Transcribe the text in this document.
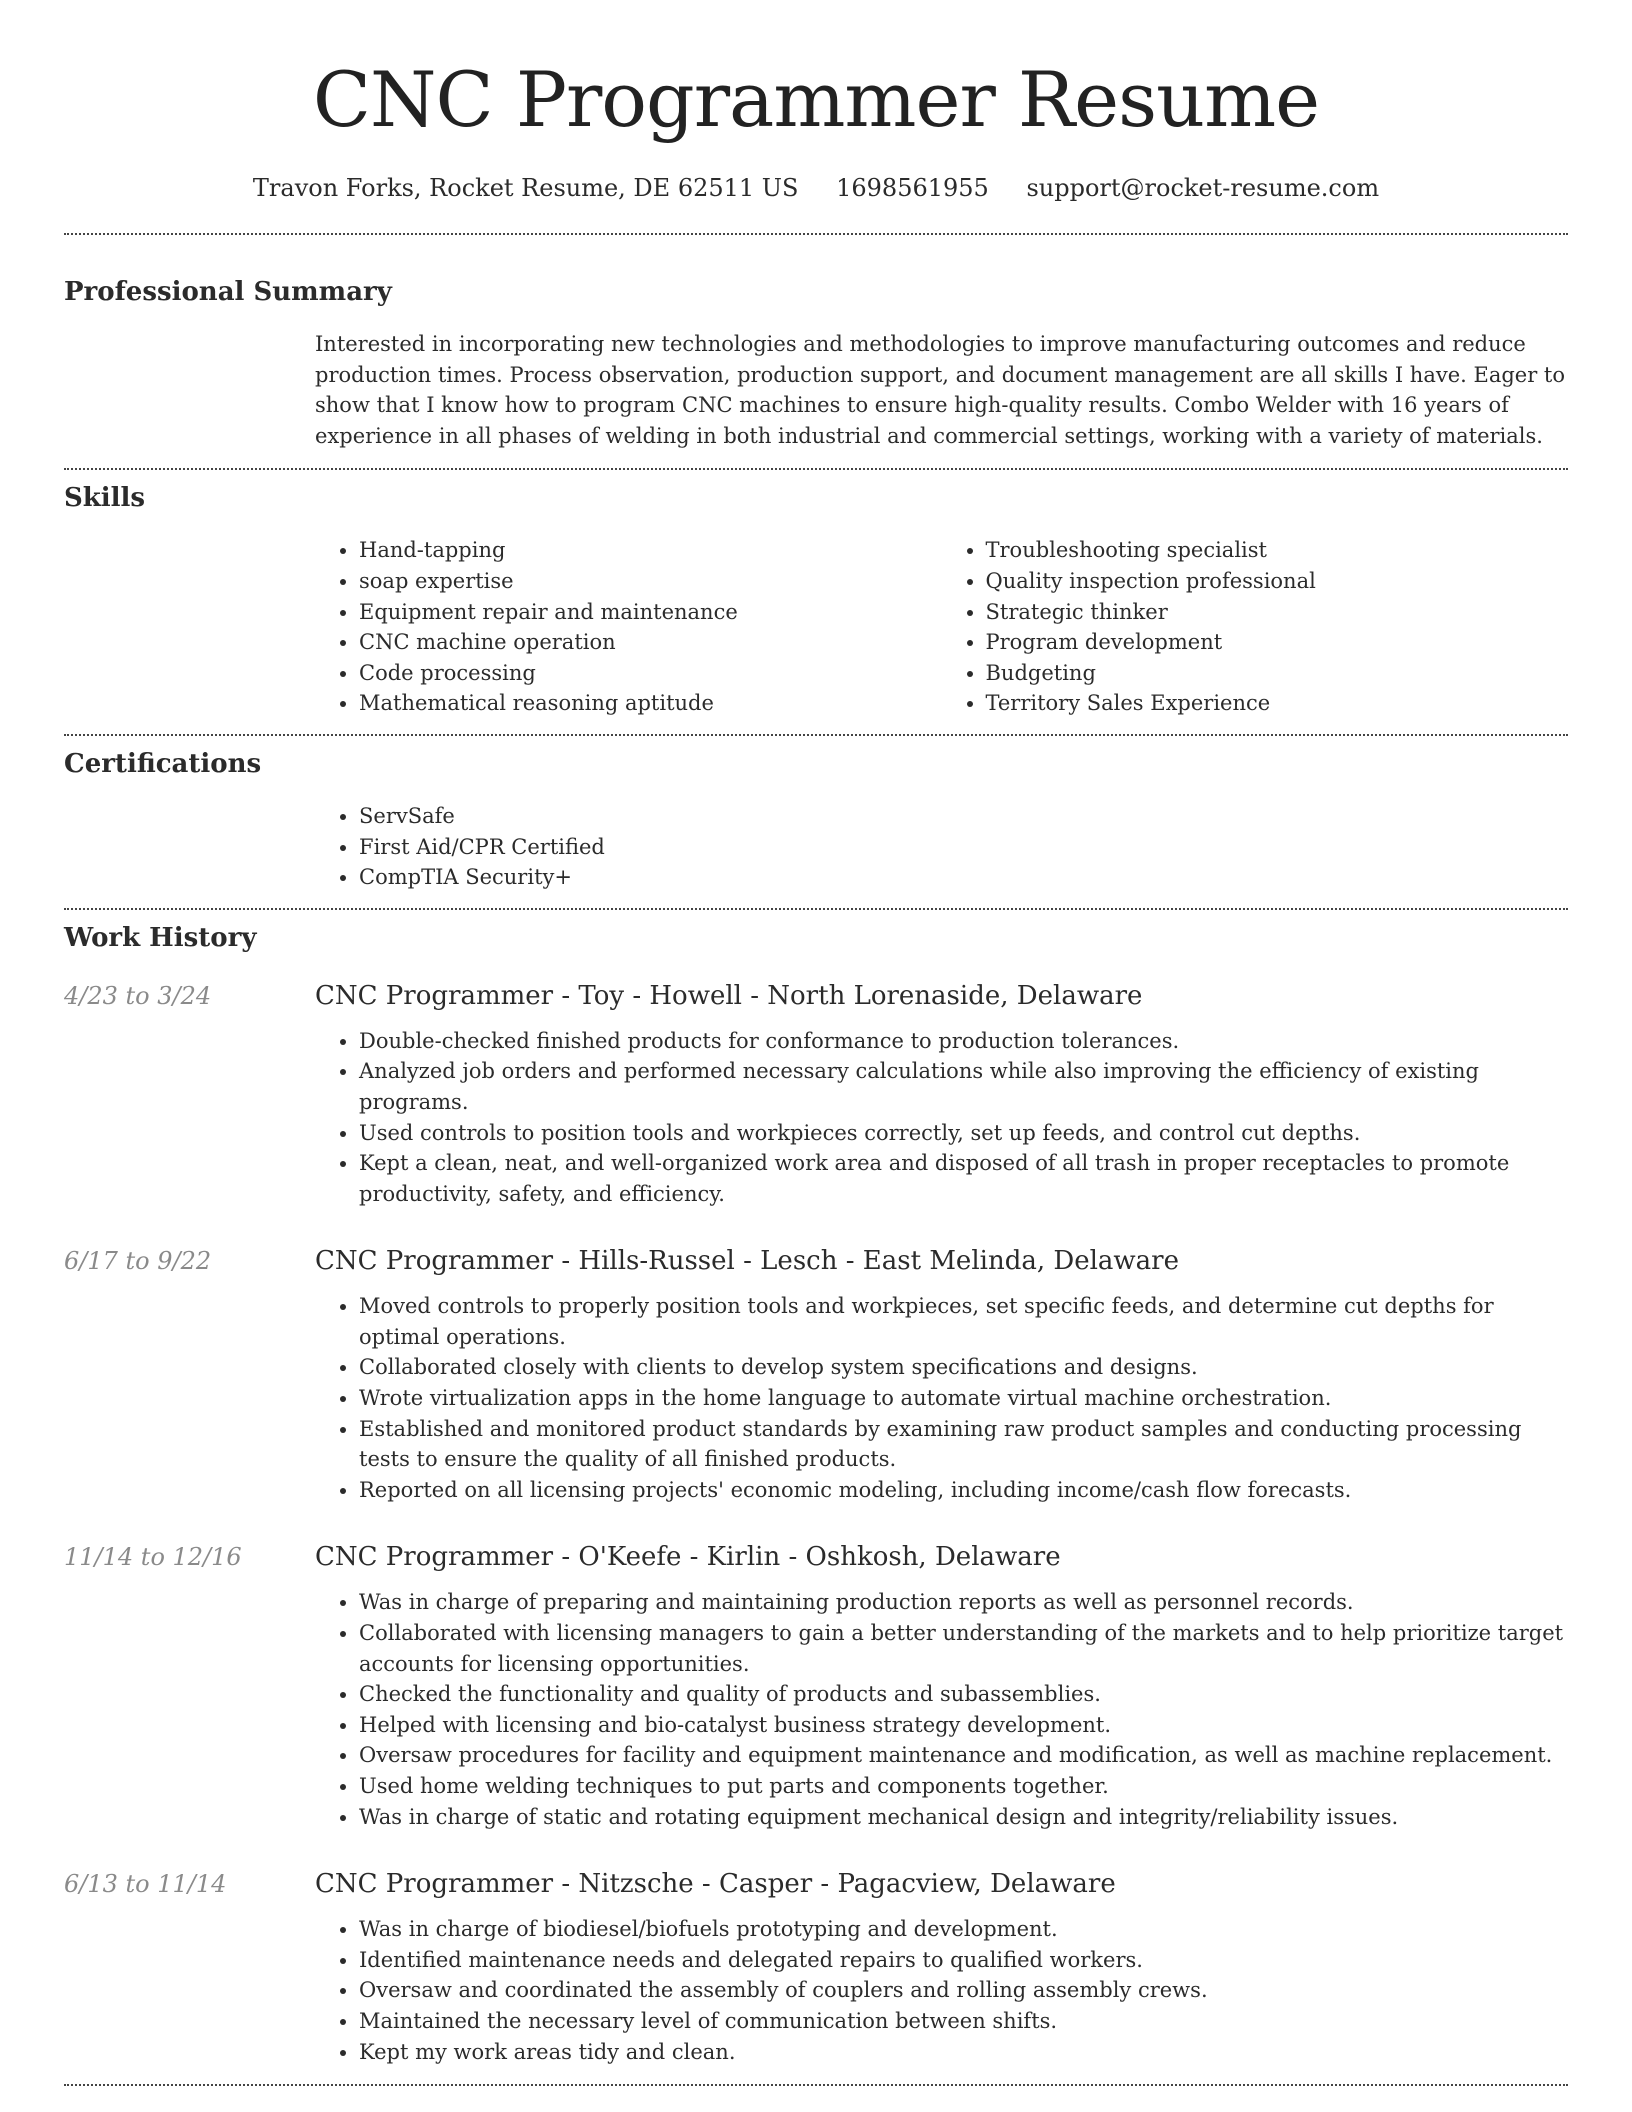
CNC Programmer Resume
Travon Forks, Rocket Resume, DE 62511 US 1698561955 support@rocket-resume.com
Professional Summary

Interested in incorporating new technologies and methodologies to improve manufacturing outcomes and reduce production times. Process observation, production support, and document management are all skills I have. Eager to show that I know how to program CNC machines to ensure high-quality results. Combo Welder with 16 years of experience in all phases of welding in both industrial and commercial settings, working with a variety of materials.

Skills
• Hand-tapping
• soap expertise
• Equipment repair and maintenance
• CNC machine operation
• Code processing
• Mathematical reasoning aptitude
• Troubleshooting specialist
• Quality inspection professional
• Strategic thinker
• Program development
• Budgeting
• Territory Sales Experience
Certifications
• ServSafe
• First Aid/CPR Certified
• CompTIA Security+
Work History
4/23 to 3/24	CNC Programmer - Toy - Howell - North Lorenaside, Delaware
• Double-checked finished products for conformance to production tolerances.
• Analyzed job orders and performed necessary calculations while also improving the efficiency of existing programs.
• Used controls to position tools and workpieces correctly, set up feeds, and control cut depths.
• Kept a clean, neat, and well-organized work area and disposed of all trash in proper receptacles to promote productivity, safety, and efficiency.
6/17 to 9/22	CNC Programmer - Hills-Russel - Lesch - East Melinda, Delaware
• Moved controls to properly position tools and workpieces, set specific feeds, and determine cut depths for optimal operations.
• Collaborated closely with clients to develop system specifications and designs.
• Wrote virtualization apps in the home language to automate virtual machine orchestration.
• Established and monitored product standards by examining raw product samples and conducting processing tests to ensure the quality of all finished products.
• Reported on all licensing projects' economic modeling, including income/cash flow forecasts.
11/14 to 12/16	CNC Programmer - O'Keefe - Kirlin - Oshkosh, Delaware
• Was in charge of preparing and maintaining production reports as well as personnel records.
• Collaborated with licensing managers to gain a better understanding of the markets and to help prioritize target accounts for licensing opportunities.
• Checked the functionality and quality of products and subassemblies.
• Helped with licensing and bio-catalyst business strategy development.
• Oversaw procedures for facility and equipment maintenance and modification, as well as machine replacement.
• Used home welding techniques to put parts and components together.
• Was in charge of static and rotating equipment mechanical design and integrity/reliability issues.
6/13 to 11/14	CNC Programmer - Nitzsche - Casper - Pagacview, Delaware
• Was in charge of biodiesel/biofuels prototyping and development.
• Identified maintenance needs and delegated repairs to qualified workers.
• Oversaw and coordinated the assembly of couplers and rolling assembly crews.
• Maintained the necessary level of communication between shifts.
• Kept my work areas tidy and clean.
